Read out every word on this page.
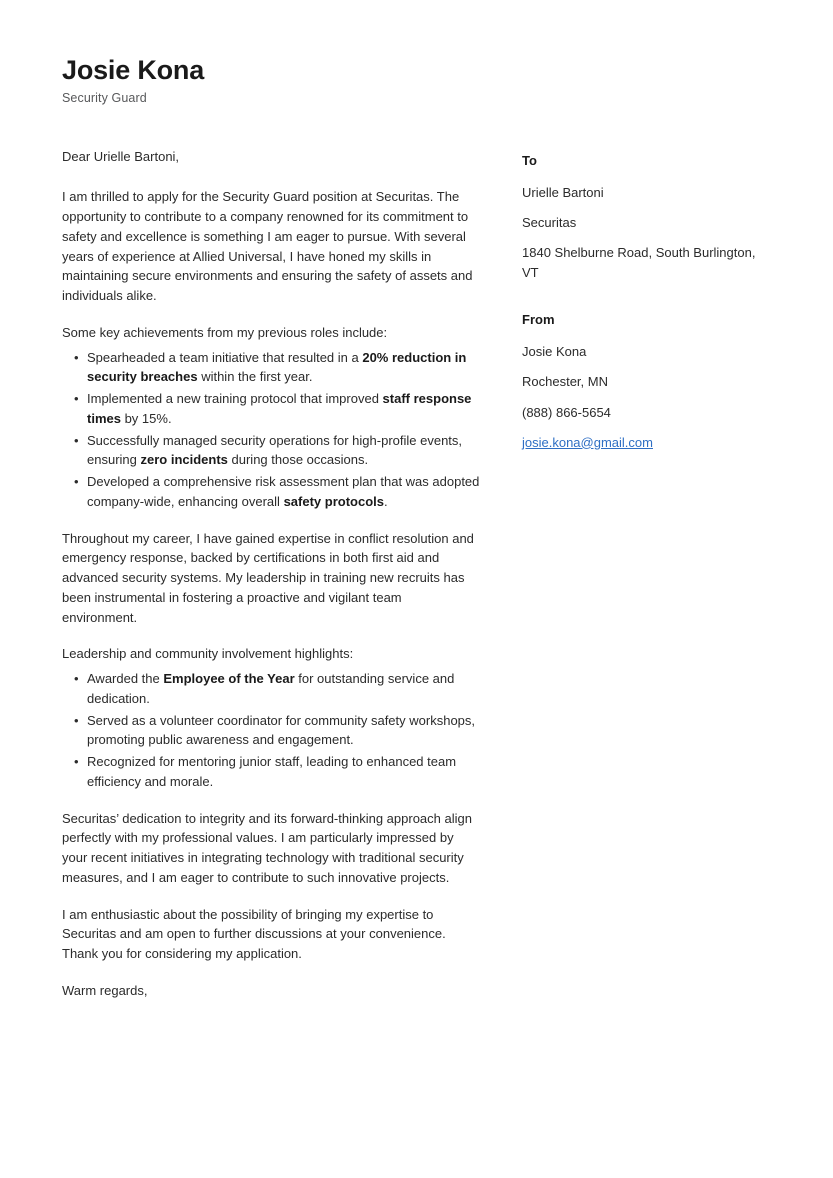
Josie Kona

Security Guard

Dear Urielle Bartoni,

I am thrilled to apply for the Security Guard position at Securitas. The opportunity to contribute to a company renowned for its commitment to safety and excellence is something I am eager to pursue. With several years of experience at Allied Universal, I have honed my skills in maintaining secure environments and ensuring the safety of assets and individuals alike.

Some key achievements from my previous roles include:

• Spearheaded a team initiative that resulted in a 20% reduction in security breaches within the first year.
• Implemented a new training protocol that improved staff response times by 15%.
• Successfully managed security operations for high-profile events, ensuring zero incidents during those occasions.
• Developed a comprehensive risk assessment plan that was adopted company-wide, enhancing overall safety protocols.

Throughout my career, I have gained expertise in conflict resolution and emergency response, backed by certifications in both first aid and advanced security systems. My leadership in training new recruits has been instrumental in fostering a proactive and vigilant team environment.

Leadership and community involvement highlights:

• Awarded the Employee of the Year for outstanding service and dedication.
• Served as a volunteer coordinator for community safety workshops, promoting public awareness and engagement.
• Recognized for mentoring junior staff, leading to enhanced team efficiency and morale.

Securitas’ dedication to integrity and its forward-thinking approach align perfectly with my professional values. I am particularly impressed by your recent initiatives in integrating technology with traditional security measures, and I am eager to contribute to such innovative projects.

I am enthusiastic about the possibility of bringing my expertise to Securitas and am open to further discussions at your convenience. Thank you for considering my application.

Warm regards,

To

Urielle Bartoni

Securitas

1840 Shelburne Road, South Burlington, VT

From

Josie Kona

Rochester, MN

(888) 866-5654

josie.kona@gmail.com
